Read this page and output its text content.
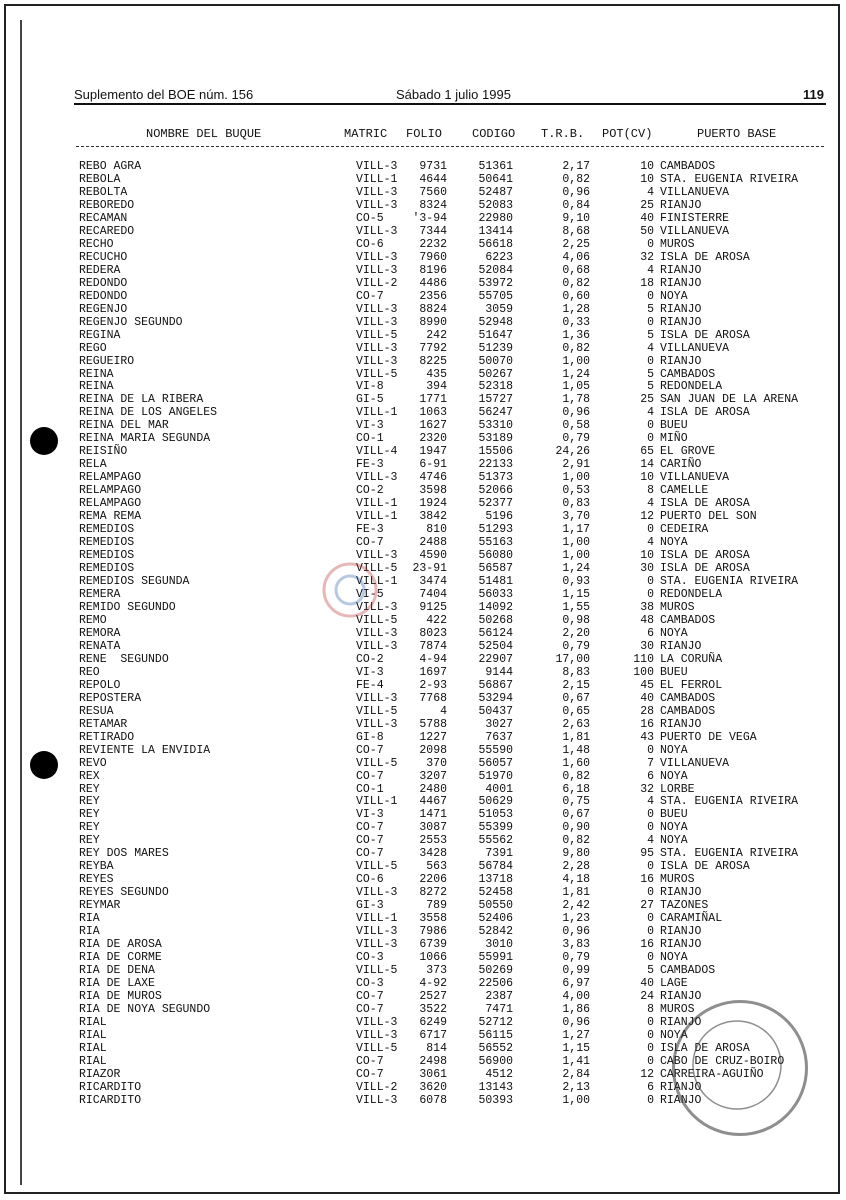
Suplemento del BOE núm. 156	Sábado 1 julio 1995	119
NOMBRE DEL BUQUE	MATRIC FOLIO CODIGO T.R.B. POT(CV)	PUERTO BASE
REBO AGRA	VILL-3	9731	51361	2,17	10 CAMBADOS
REBOLA	VILL-1	4644	50641	0,82	10 STA. EUGENIA RIVEIRA
REBOLTA	VILL-3	7560	52487	0,96	4 VILLANUEVA
REBOREDO	VILL-3	8324	52083	0,84	25 RIANJO
RECAMAN	CO-5	'3-94	22980	9,10	40 FINISTERRE
RECAREDO	VILL-3	7344	13414	8,68	50 VILLANUEVA
RECHO	CO-6	2232	56618	2,25	0 MUROS
RECUCHO	VILL-3	7960	6223	4,06	32 ISLA DE AROSA
REDERA	VILL-3	8196	52084	0,68	4 RIANJO
REDONDO	VILL-2	4486	53972	0,82	18 RIANJO
REDONDO	CO-7	2356	55705	0,60	0 NOYA
REGENJO	VILL-3	8824	3059	1,28	5 RIANJO
REGENJO SEGUNDO	VILL-3	8990	52948	0,33	0 RIANJO
REGINA	VILL-5	242	51647	1,36	5 ISLA DE AROSA
REGO	VILL-3	7792	51239	0,82	4 VILLANUEVA
REGUEIRO	VILL-3	8225	50070	1,00	0 RIANJO
REINA	VILL-5	435	50267	1,24	5 CAMBADOS
REINA	VI-8	394	52318	1,05	5 REDONDELA
REINA DE LA RIBERA	GI-5	1771	15727	1,78	25 SAN JUAN DE LA ARENA
REINA DE LOS ANGELES	VILL-1	1063	56247	0,96	4 ISLA DE AROSA
REINA DEL MAR	VI-3	1627	53310	0,58	0 BUEU
REINA MARIA SEGUNDA	CO-1	2320	53189	0,79	0 MIÑO
REISIÑO	VILL-4	1947	15506	24,26	65 EL GROVE
RELA	FE-3	6-91	22133	2,91	14 CARIÑO
RELAMPAGO	VILL-3	4746	51373	1,00	10 VILLANUEVA
RELAMPAGO	CO-2	3598	52066	0,53	8 CAMELLE
RELAMPAGO	VILL-1	1924	52377	0,83	4 ISLA DE AROSA
REMA REMA	VILL-1	3842	5196	3,70	12 PUERTO DEL SON
REMEDIOS	FE-3	810	51293	1,17	0 CEDEIRA
REMEDIOS	CO-7	2488	55163	1,00	4 NOYA
REMEDIOS	VILL-3	4590	56080	1,00	10 ISLA DE AROSA
REMEDIOS	VILL-5	23-91	56587	1,24	30 ISLA DE AROSA
REMEDIOS SEGUNDA	VILL-1	3474	51481	0,93	0 STA. EUGENIA RIVEIRA
REMERA	VI-5	7404	56033	1,15	0 REDONDELA
REMIDO SEGUNDO	VILL-3	9125	14092	1,55	38 MUROS
REMO	VILL-5	422	50268	0,98	48 CAMBADOS
REMORA	VILL-3	8023	56124	2,20	6 NOYA
RENATA	VILL-3	7874	52504	0,79	30 RIANJO
RENE  SEGUNDO	CO-2	4-94	22907	17,00	110 LA CORUÑA
REO	VI-3	1697	9144	8,83	100 BUEU
REPOLO	FE-4	2-93	56867	2,15	45 EL FERROL
REPOSTERA	VILL-3	7768	53294	0,67	40 CAMBADOS
RESUA	VILL-5	4	50437	0,65	28 CAMBADOS
RETAMAR	VILL-3	5788	3027	2,63	16 RIANJO
RETIRADO	GI-8	1227	7637	1,81	43 PUERTO DE VEGA
REVIENTE LA ENVIDIA	CO-7	2098	55590	1,48	0 NOYA
REVO	VILL-5	370	56057	1,60	7 VILLANUEVA
REX	CO-7	3207	51970	0,82	6 NOYA
REY	CO-1	2480	4001	6,18	32 LORBE
REY	VILL-1	4467	50629	0,75	4 STA. EUGENIA RIVEIRA
REY	VI-3	1471	51053	0,67	0 BUEU
REY	CO-7	3087	55399	0,90	0 NOYA
REY	CO-7	2553	55562	0,82	4 NOYA
REY DOS MARES	CO-7	3428	7391	9,80	95 STA. EUGENIA RIVEIRA
REYBA	VILL-5	563	56784	2,28	0 ISLA DE AROSA
REYES	CO-6	2206	13718	4,18	16 MUROS
REYES SEGUNDO	VILL-3	8272	52458	1,81	0 RIANJO
REYMAR	GI-3	789	50550	2,42	27 TAZONES
RIA	VILL-1	3558	52406	1,23	0 CARAMIÑAL
RIA	VILL-3	7986	52842	0,96	0 RIANJO
RIA DE AROSA	VILL-3	6739	3010	3,83	16 RIANJO
RIA DE CORME	CO-3	1066	55991	0,79	0 NOYA
RIA DE DENA	VILL-5	373	50269	0,99	5 CAMBADOS
RIA DE LAXE	CO-3	4-92	22506	6,97	40 LAGE
RIA DE MUROS	CO-7	2527	2387	4,00	24 RIANJO
RIA DE NOYA SEGUNDO	CO-7	3522	7471	1,86	8 MUROS
RIAL	VILL-3	6249	52712	0,96	0 RIANJO
RIAL	VILL-3	6717	56115	1,27	0 NOYA
RIAL	VILL-5	814	56552	1,15	0 ISLA DE AROSA
RIAL	CO-7	2498	56900	1,41	0 CABO DE CRUZ-BOIRO
RIAZOR	CO-7	3061	4512	2,84	12 CARREIRA-AGUIÑO
RICARDITO	VILL-2	3620	13143	2,13	6 RIANJO
RICARDITO	VILL-3	6078	50393	1,00	0 RIANJO
